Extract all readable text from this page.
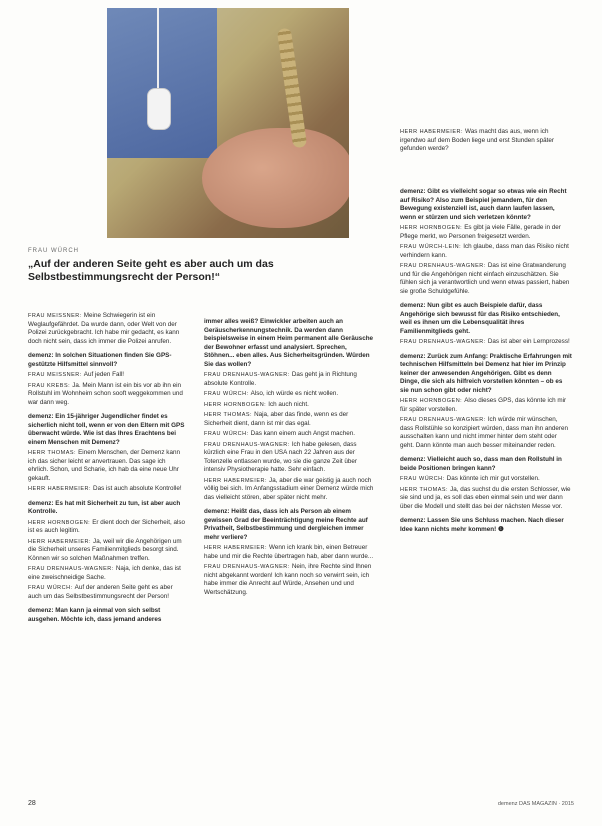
FRAU WÜRCH
„Auf der anderen Seite geht es aber auch um das Selbstbestimmungsrecht der Person!“

FRAU MEISSNER: Meine Schwiegerin ist ein Weglaufgefährdet. Da wurde dann, oder Welt von der Polizei zurückgebracht. Ich habe mir gedacht, es kann doch nicht sein, dass ich immer die Polizei anrufen.

demenz: In solchen Situationen finden Sie GPS-gestützte Hilfsmittel sinnvoll?

FRAU MEISSNER: Auf jeden Fall!

FRAU KREBS: Ja. Mein Mann ist ein bis vor ab ihn ein Rollstuhl im Wohnheim schon sooft weggekommen und war dann weg.

demenz: Ein 15-jähriger Jugendlicher findet es sicherlich nicht toll, wenn er von den Eltern mit GPS überwacht würde. Wie ist das Ihres Erachtens bei einem Menschen mit Demenz?

HERR THOMAS: Einem Menschen, der Demenz kann ich das sicher leicht er anvertrauen. Das sage ich ehrlich. Schon, und Scharie, ich hab da eine neue Uhr gekauft.

HERR HABERMEIER: Das ist auch absolute Kontrolle!

demenz: Es hat mit Sicherheit zu tun, ist aber auch Kontrolle.

HERR HORNBOGEN: Er dient doch der Sicherheit, also ist es auch legitim.

HERR HABERMEIER: Ja, weil wir die Angehörigen um die Sicherheit unseres Familienmitglieds besorgt sind. Können wir so solchen Maßnahmen treffen.

FRAU DRENHAUS-WAGNER: Naja, ich denke, das ist eine zweischneidige Sache.

FRAU WÜRCH: Auf der anderen Seite geht es aber auch um das Selbstbestimmungsrecht der Person!

demenz: Man kann ja einmal von sich selbst ausgehen. Möchte ich, dass jemand anderes

immer alles weiß? Einwickler arbeiten auch an Geräuscherkennungstechnik. Da werden dann beispielsweise in einem Heim permanent alle Geräusche der Bewohner erfasst und analysiert. Sprechen, Stöhnen... eben alles. Aus Sicherheitsgründen. Würden Sie das wollen?

FRAU DRENHAUS-WAGNER: Das geht ja in Richtung absolute Kontrolle.

FRAU WÜRCH: Also, ich würde es nicht wollen.

HERR HORNBOGEN: Ich auch nicht.

HERR THOMAS: Naja, aber das finde, wenn es der Sicherheit dient, dann ist mir das egal.

FRAU WÜRCH: Das kann einem auch Angst machen.

FRAU DRENHAUS-WAGNER: Ich habe gelesen, dass kürzlich eine Frau in den USA nach 22 Jahren aus der Totenzelle entlassen wurde, wo sie die ganze Zeit über intensiv Physiotherapie hatte. Sehr einfach.

HERR HABERMEIER: Ja, aber die war geistig ja auch noch völlig bei sich. Im Anfangsstadium einer Demenz würde mich das vielleicht stören, aber später nicht mehr.

demenz: Heißt das, dass ich als Person ab einem gewissen Grad der Beeinträchtigung meine Rechte auf Privatheit, Selbstbestimmung und dergleichen immer mehr verliere?

HERR HABERMEIER: Wenn ich krank bin, einen Betreuer habe und mir die Rechte übertragen hab, aber dann wurde...

FRAU DRENHAUS-WAGNER: Nein, ihre Rechte sind Ihnen nicht abgekannt worden! Ich kann noch so verwirrt sein, ich habe immer die Anrecht auf Würde, Ansehen und und Wertschätzung.

HERR HABERMEIER: Was macht das aus, wenn ich irgendwo auf dem Boden liege und erst Stunden später gefunden werde?

demenz: Gibt es vielleicht sogar so etwas wie ein Recht auf Risiko? Also zum Beispiel jemandem, für den Bewegung existenziell ist, auch dann laufen lassen, wenn er stürzen und sich verletzen könnte?

HERR HORNBOGEN: Es gibt ja viele Fälle, gerade in der Pflege merkt, wo Personen freigesetzt werden.

FRAU WÜRCH-LEIN: Ich glaube, dass man das Risiko nicht verhindern kann.

FRAU DRENHAUS-WAGNER: Das ist eine Gratwanderung und für die Angehörigen nicht einfach einzuschätzen. Sie fühlen sich ja verantwortlich und wenn etwas passiert, haben sie große Schuldgefühle.

demenz: Nun gibt es auch Beispiele dafür, dass Angehörige sich bewusst für das Risiko entschieden, weil es ihnen um die Lebensqualität ihres Familienmitglieds geht.

FRAU DRENHAUS-WAGNER: Das ist aber ein Lernprozess!

demenz: Zurück zum Anfang: Praktische Erfahrungen mit technischen Hilfsmitteln bei Demenz hat hier im Prinzip keiner der anwesenden Angehörigen. Gibt es denn Dinge, die sich als hilfreich vorstellen könnten – ob es sie nun schon gibt oder nicht?

HERR HORNBOGEN: Also dieses GPS, das könnte ich mir für später vorstellen.

FRAU DRENHAUS-WAGNER: Ich würde mir wünschen, dass Rollstühle so konzipiert würden, dass man ihn anderen ausschalten kann und nicht immer hinter dem steht oder geht. Dann könnte man auch besser miteinander reden.

demenz: Vielleicht auch so, dass man den Rollstuhl in beide Positionen bringen kann?

FRAU WÜRCH: Das könnte ich mir gut vorstellen.

HERR THOMAS: Ja, das suchst du die ersten Schlosser, wie sie sind und ja, es soll das eben einmal sein und wer dann über die Modell und stellt das bei der nächsten Messe vor.

demenz: Lassen Sie uns Schluss machen. Nach dieser Idee kann nichts mehr kommen! ❶

28	demenz DAS MAGAZIN · 2015
